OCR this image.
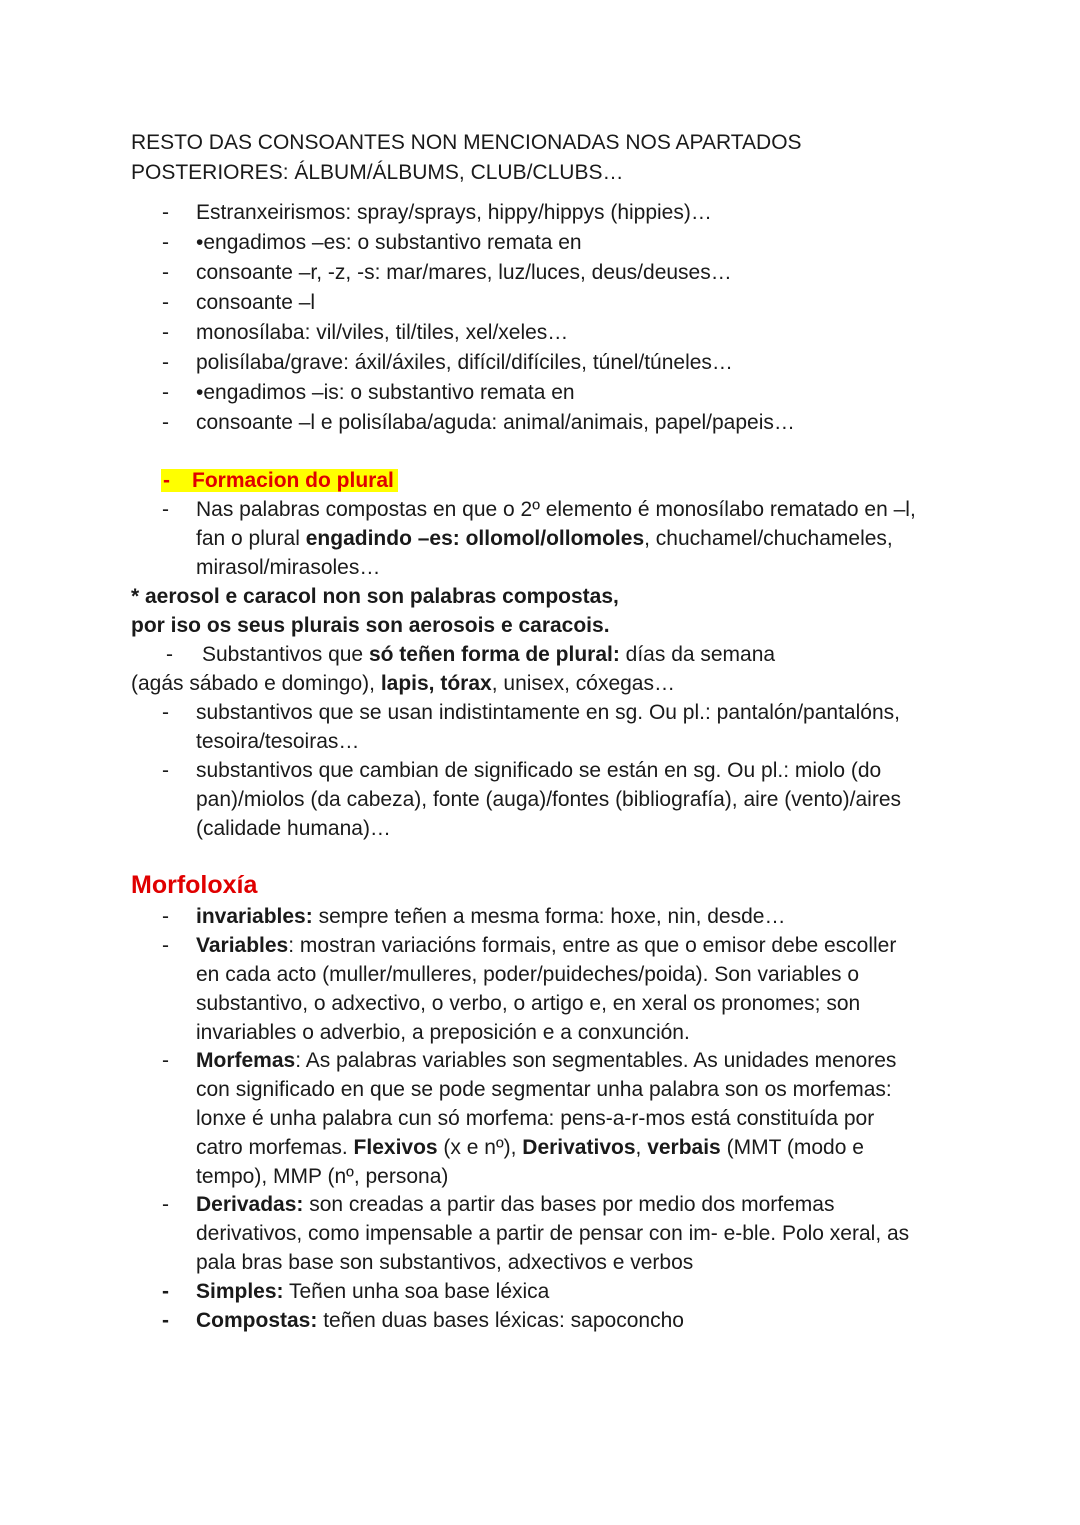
RESTO DAS CONSOANTES NON MENCIONADAS NOS APARTADOS
POSTERIORES: ÁLBUM/ÁLBUMS, CLUB/CLUBS…
- Estranxeirismos: spray/sprays, hippy/hippys (hippies)…
- •engadimos –es: o substantivo remata en
- consoante –r, -z, -s: mar/mares, luz/luces, deus/deuses…
- consoante –l
- monosílaba: vil/viles, til/tiles, xel/xeles…
- polisílaba/grave: áxil/áxiles, difícil/difíciles, túnel/túneles…
- •engadimos –is: o substantivo remata en
- consoante –l e polisílaba/aguda: animal/animais, papel/papeis…
- Formacion do plural
- Nas palabras compostas en que o 2º elemento é monosílabo rematado en –l,
fan o plural engadindo –es: ollomol/ollomoles, chuchamel/chuchameles,
mirasol/mirasoles…
* aerosol e caracol non son palabras compostas,
por iso os seus plurais son aerosois e caracois.
- Substantivos que só teñen forma de plural: días da semana
(agás sábado e domingo), lapis, tórax, unisex, cóxegas…
- substantivos que se usan indistintamente en sg. Ou pl.: pantalón/pantalóns,
tesoira/tesoiras…
- substantivos que cambian de significado se están en sg. Ou pl.: miolo (do
pan)/miolos (da cabeza), fonte (auga)/fontes (bibliografía), aire (vento)/aires
(calidade humana)…
Morfoloxía
- invariables: sempre teñen a mesma forma: hoxe, nin, desde…
- Variables: mostran variacións formais, entre as que o emisor debe escoller
en cada acto (muller/mulleres, poder/puideches/poida). Son variables o
substantivo, o adxectivo, o verbo, o artigo e, en xeral os pronomes; son
invariables o adverbio, a preposición e a conxunción.
- Morfemas: As palabras variables son segmentables. As unidades menores
con significado en que se pode segmentar unha palabra son os morfemas:
lonxe é unha palabra cun só morfema: pens-a-r-mos está constituída por
catro morfemas. Flexivos (x e nº), Derivativos, verbais (MMT (modo e
tempo), MMP (nº, persona)
- Derivadas: son creadas a partir das bases por medio dos morfemas
derivativos, como impensable a partir de pensar con im- e-ble. Polo xeral, as
pala bras base son substantivos, adxectivos e verbos
- Simples: Teñen unha soa base léxica
- Compostas: teñen duas bases léxicas: sapoconcho
